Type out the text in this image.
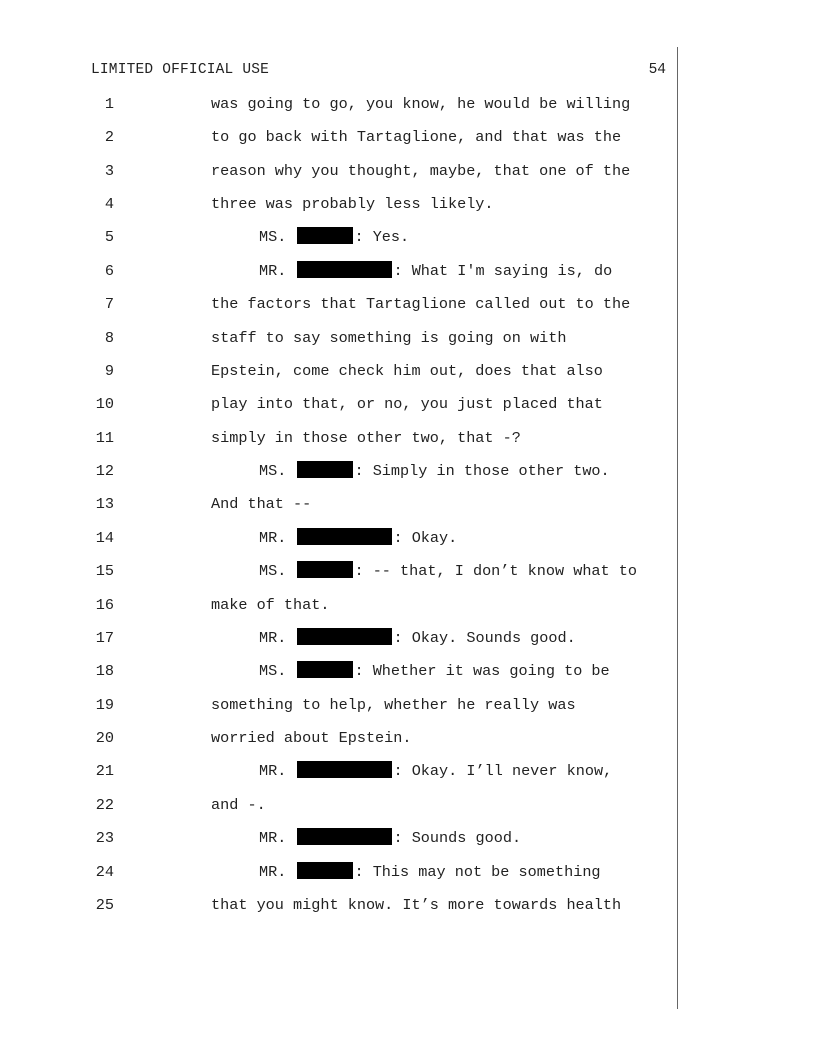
LIMITED OFFICIAL USE	54
1	was going to go, you know, he would be willing
2	to go back with Tartaglione, and that was the
3	reason why you thought, maybe, that one of the
4	three was probably less likely.
5	MS.	: Yes.
6	MR.	: What I'm saying is, do
7	the factors that Tartaglione called out to the
8	staff to say something is going on with
9	Epstein, come check him out, does that also
10	play into that, or no, you just placed that
11	simply in those other two, that -?
12	MS.	: Simply in those other two.
13	And that --
14	MR.	: Okay.
15	MS.	: -- that, I don’t know what to
16	make of that.
17	MR.	: Okay. Sounds good.
18	MS.	: Whether it was going to be
19	something to help, whether he really was
20	worried about Epstein.
21	MR.	: Okay. I’ll never know,
22	and -.
23	MR.	: Sounds good.
24	MR.	: This may not be something
25	that you might know. It’s more towards health
